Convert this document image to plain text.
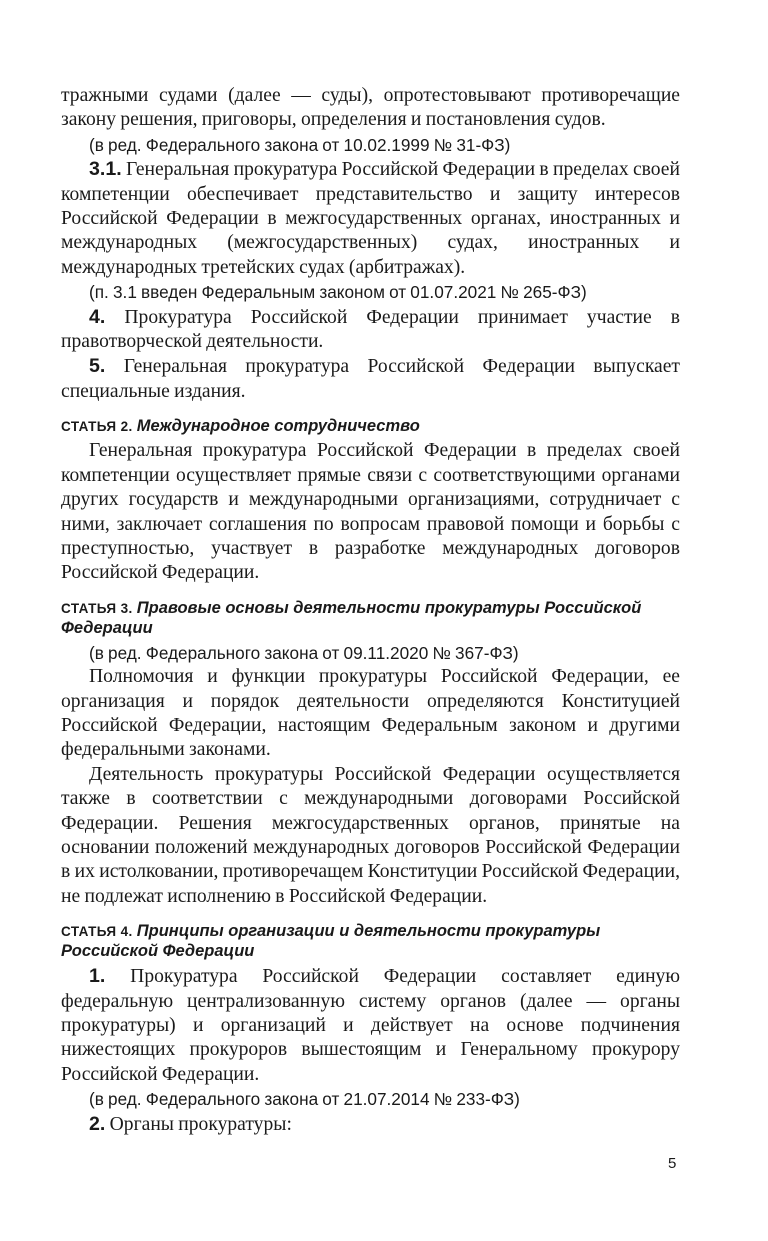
тражными судами (далее — суды), опротестовывают противоречащие закону решения, приговоры, определения и постановления судов.

(в ред. Федерального закона от 10.02.1999 № 31-ФЗ)

3.1. Генеральная прокуратура Российской Федерации в пределах своей компетенции обеспечивает представительство и защиту интересов Российской Федерации в межгосударственных органах, иностранных и международных (межгосударственных) судах, иностранных и международных третейских судах (арбитражах).

(п. 3.1 введен Федеральным законом от 01.07.2021 № 265-ФЗ)

4. Прокуратура Российской Федерации принимает участие в правотворческой деятельности.

5. Генеральная прокуратура Российской Федерации выпускает специальные издания.

СТАТЬЯ 2. Международное сотрудничество

Генеральная прокуратура Российской Федерации в пределах своей компетенции осуществляет прямые связи с соответствующими органами других государств и международными организациями, сотрудничает с ними, заключает соглашения по вопросам правовой помощи и борьбы с преступностью, участвует в разработке международных договоров Российской Федерации.

СТАТЬЯ 3. Правовые основы деятельности прокуратуры Российской Федерации

(в ред. Федерального закона от 09.11.2020 № 367-ФЗ)

Полномочия и функции прокуратуры Российской Федерации, ее организация и порядок деятельности определяются Конституцией Российской Федерации, настоящим Федеральным законом и другими федеральными законами.

Деятельность прокуратуры Российской Федерации осуществляется также в соответствии с международными договорами Российской Федерации. Решения межгосударственных органов, принятые на основании положений международных договоров Российской Федерации в их истолковании, противоречащем Конституции Российской Федерации, не подлежат исполнению в Российской Федерации.

СТАТЬЯ 4. Принципы организации и деятельности прокуратуры Российской Федерации

1. Прокуратура Российской Федерации составляет единую федеральную централизованную систему органов (далее — органы прокуратуры) и организаций и действует на основе подчинения нижестоящих прокуроров вышестоящим и Генеральному прокурору Российской Федерации.

(в ред. Федерального закона от 21.07.2014 № 233-ФЗ)

2. Органы прокуратуры:

5
